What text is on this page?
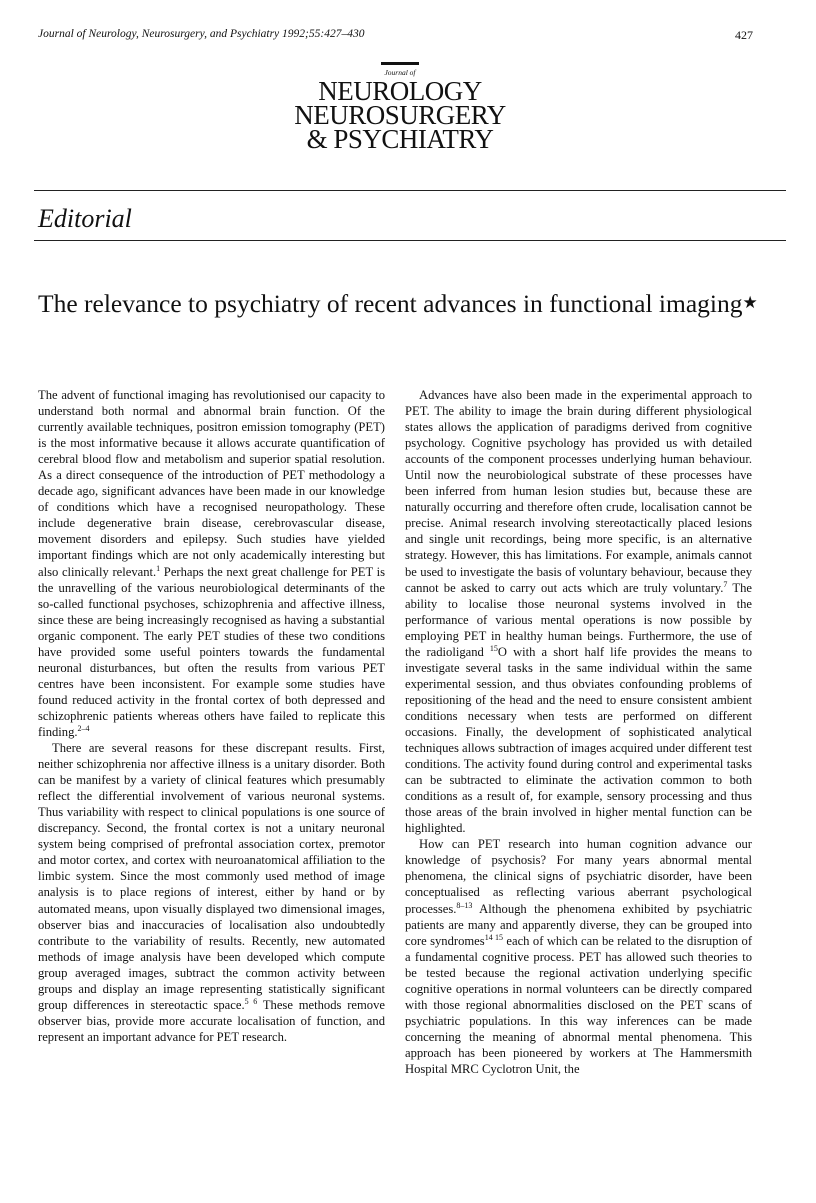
Journal of Neurology, Neurosurgery, and Psychiatry 1992;55:427–430	427
Journal of
NEUROLOGY
NEUROSURGERY
& PSYCHIATRY
Editorial
The relevance to psychiatry of recent advances in functional imaging★

The advent of functional imaging has revolutionised our capacity to understand both normal and abnormal brain function. Of the currently available techniques, positron emission tomography (PET) is the most informative because it allows accurate quantification of cerebral blood flow and metabolism and superior spatial resolution. As a direct consequence of the introduction of PET methodology a decade ago, significant advances have been made in our knowledge of conditions which have a recognised neuropathology. These include degenerative brain disease, cerebrovascular disease, movement disorders and epilepsy. Such studies have yielded important findings which are not only academically interesting but also clinically relevant.$^1$ Perhaps the next great challenge for PET is the unravelling of the various neurobiological determinants of the so-called functional psychoses, schizophrenia and affective illness, since these are being increasingly recognised as having a substantial organic component. The early PET studies of these two conditions have provided some useful pointers towards the fundamental neuronal disturbances, but often the results from various PET centres have been inconsistent. For example some studies have found reduced activity in the frontal cortex of both depressed and schizophrenic patients whereas others have failed to replicate this finding.$^{2-4}$

There are several reasons for these discrepant results. First, neither schizophrenia nor affective illness is a unitary disorder. Both can be manifest by a variety of clinical features which presumably reflect the differential involvement of various neuronal systems. Thus variability with respect to clinical populations is one source of discrepancy. Second, the frontal cortex is not a unitary neuronal system being comprised of prefrontal association cortex, premotor and motor cortex, and cortex with neuroanatomical affiliation to the limbic system. Since the most commonly used method of image analysis is to place regions of interest, either by hand or by automated means, upon visually displayed two dimensional images, observer bias and inaccuracies of localisation also undoubtedly contribute to the variability of results. Recently, new automated methods of image analysis have been developed which compute group averaged images, subtract the common activity between groups and display an image representing statistically significant group differences in stereotactic space.$^{5 6}$ These methods remove observer bias, provide more accurate localisation of function, and represent an important advance for PET research.

Advances have also been made in the experimental approach to PET. The ability to image the brain during different physiological states allows the application of paradigms derived from cognitive psychology. Cognitive psychology has provided us with detailed accounts of the component processes underlying human behaviour. Until now the neurobiological substrate of these processes have been inferred from human lesion studies but, because these are naturally occurring and therefore often crude, localisation cannot be precise. Animal research involving stereotactically placed lesions and single unit recordings, being more specific, is an alternative strategy. However, this has limitations. For example, animals cannot be used to investigate the basis of voluntary behaviour, because they cannot be asked to carry out acts which are truly voluntary.$^7$ The ability to localise those neuronal systems involved in the performance of various mental operations is now possible by employing PET in healthy human beings. Furthermore, the use of the radioligand $^{15}$O with a short half life provides the means to investigate several tasks in the same individual within the same experimental session, and thus obviates confounding problems of repositioning of the head and the need to ensure consistent ambient conditions necessary when tests are performed on different occasions. Finally, the development of sophisticated analytical techniques allows subtraction of images acquired under different test conditions. The activity found during control and experimental tasks can be subtracted to eliminate the activation common to both conditions as a result of, for example, sensory processing and thus those areas of the brain involved in higher mental function can be highlighted.

How can PET research into human cognition advance our knowledge of psychosis? For many years abnormal mental phenomena, the clinical signs of psychiatric disorder, have been conceptualised as reflecting various aberrant psychological processes.$^{8-13}$ Although the phenomena exhibited by psychiatric patients are many and apparently diverse, they can be grouped into core syndromes$^{14 15}$ each of which can be related to the disruption of a fundamental cognitive process. PET has allowed such theories to be tested because the regional activation underlying specific cognitive operations in normal volunteers can be directly compared with those regional abnormalities disclosed on the PET scans of psychiatric populations. In this way inferences can be made concerning the meaning of abnormal mental phenomena. This approach has been pioneered by workers at The Hammersmith Hospital MRC Cyclotron Unit, the
